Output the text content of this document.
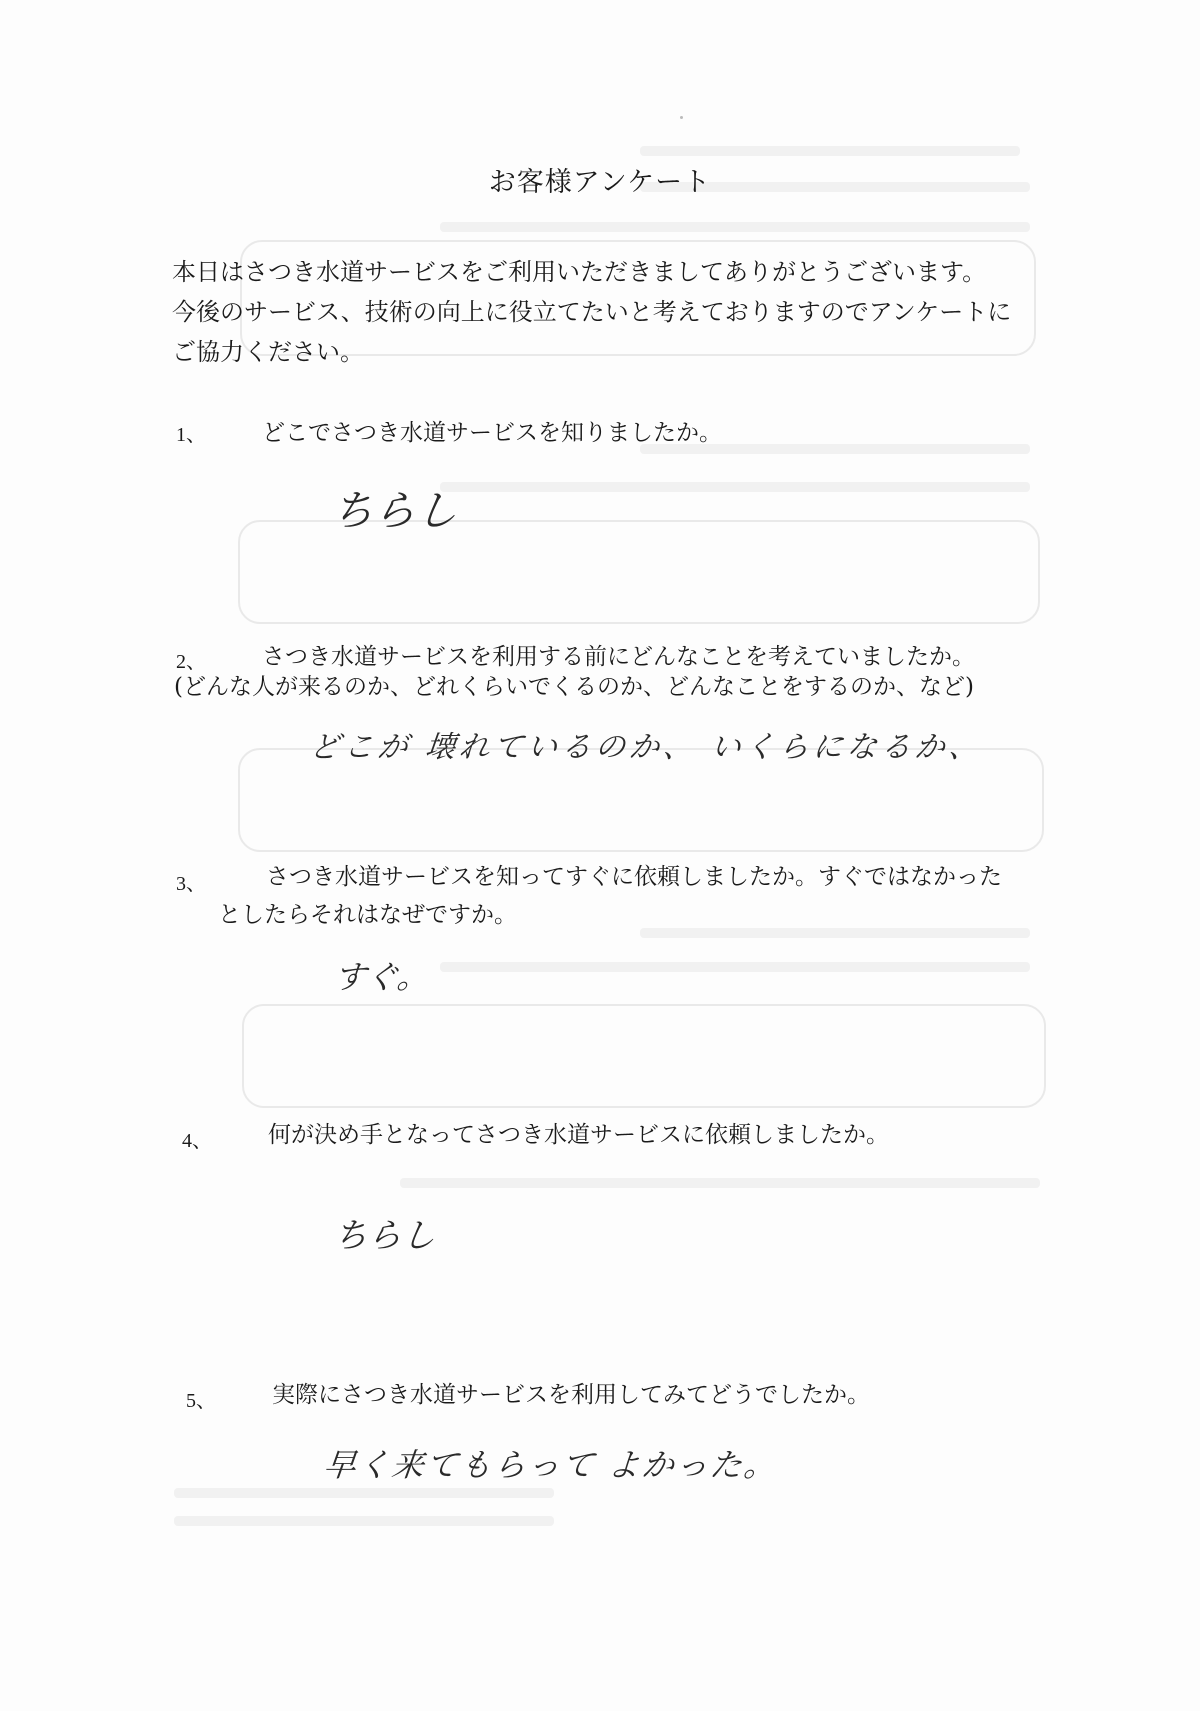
お客様アンケート
本日はさつき水道サービスをご利用いただきましてありがとうございます。
今後のサービス、技術の向上に役立てたいと考えておりますのでアンケートに
ご協力ください。
1、 どこでさつき水道サービスを知りましたか。
ちらし
2、 さつき水道サービスを利用する前にどんなことを考えていましたか。
(どんな人が来るのか、どれくらいでくるのか、どんなことをするのか、など)
どこが 壊れているのか、 いくらになるか、
3、	さつき水道サービスを知ってすぐに依頼しましたか。すぐではなかった
としたらそれはなぜですか。
すぐ。
4、 何が決め手となってさつき水道サービスに依頼しましたか。
ちらし
5、 実際にさつき水道サービスを利用してみてどうでしたか。
早く来てもらって よかった。
